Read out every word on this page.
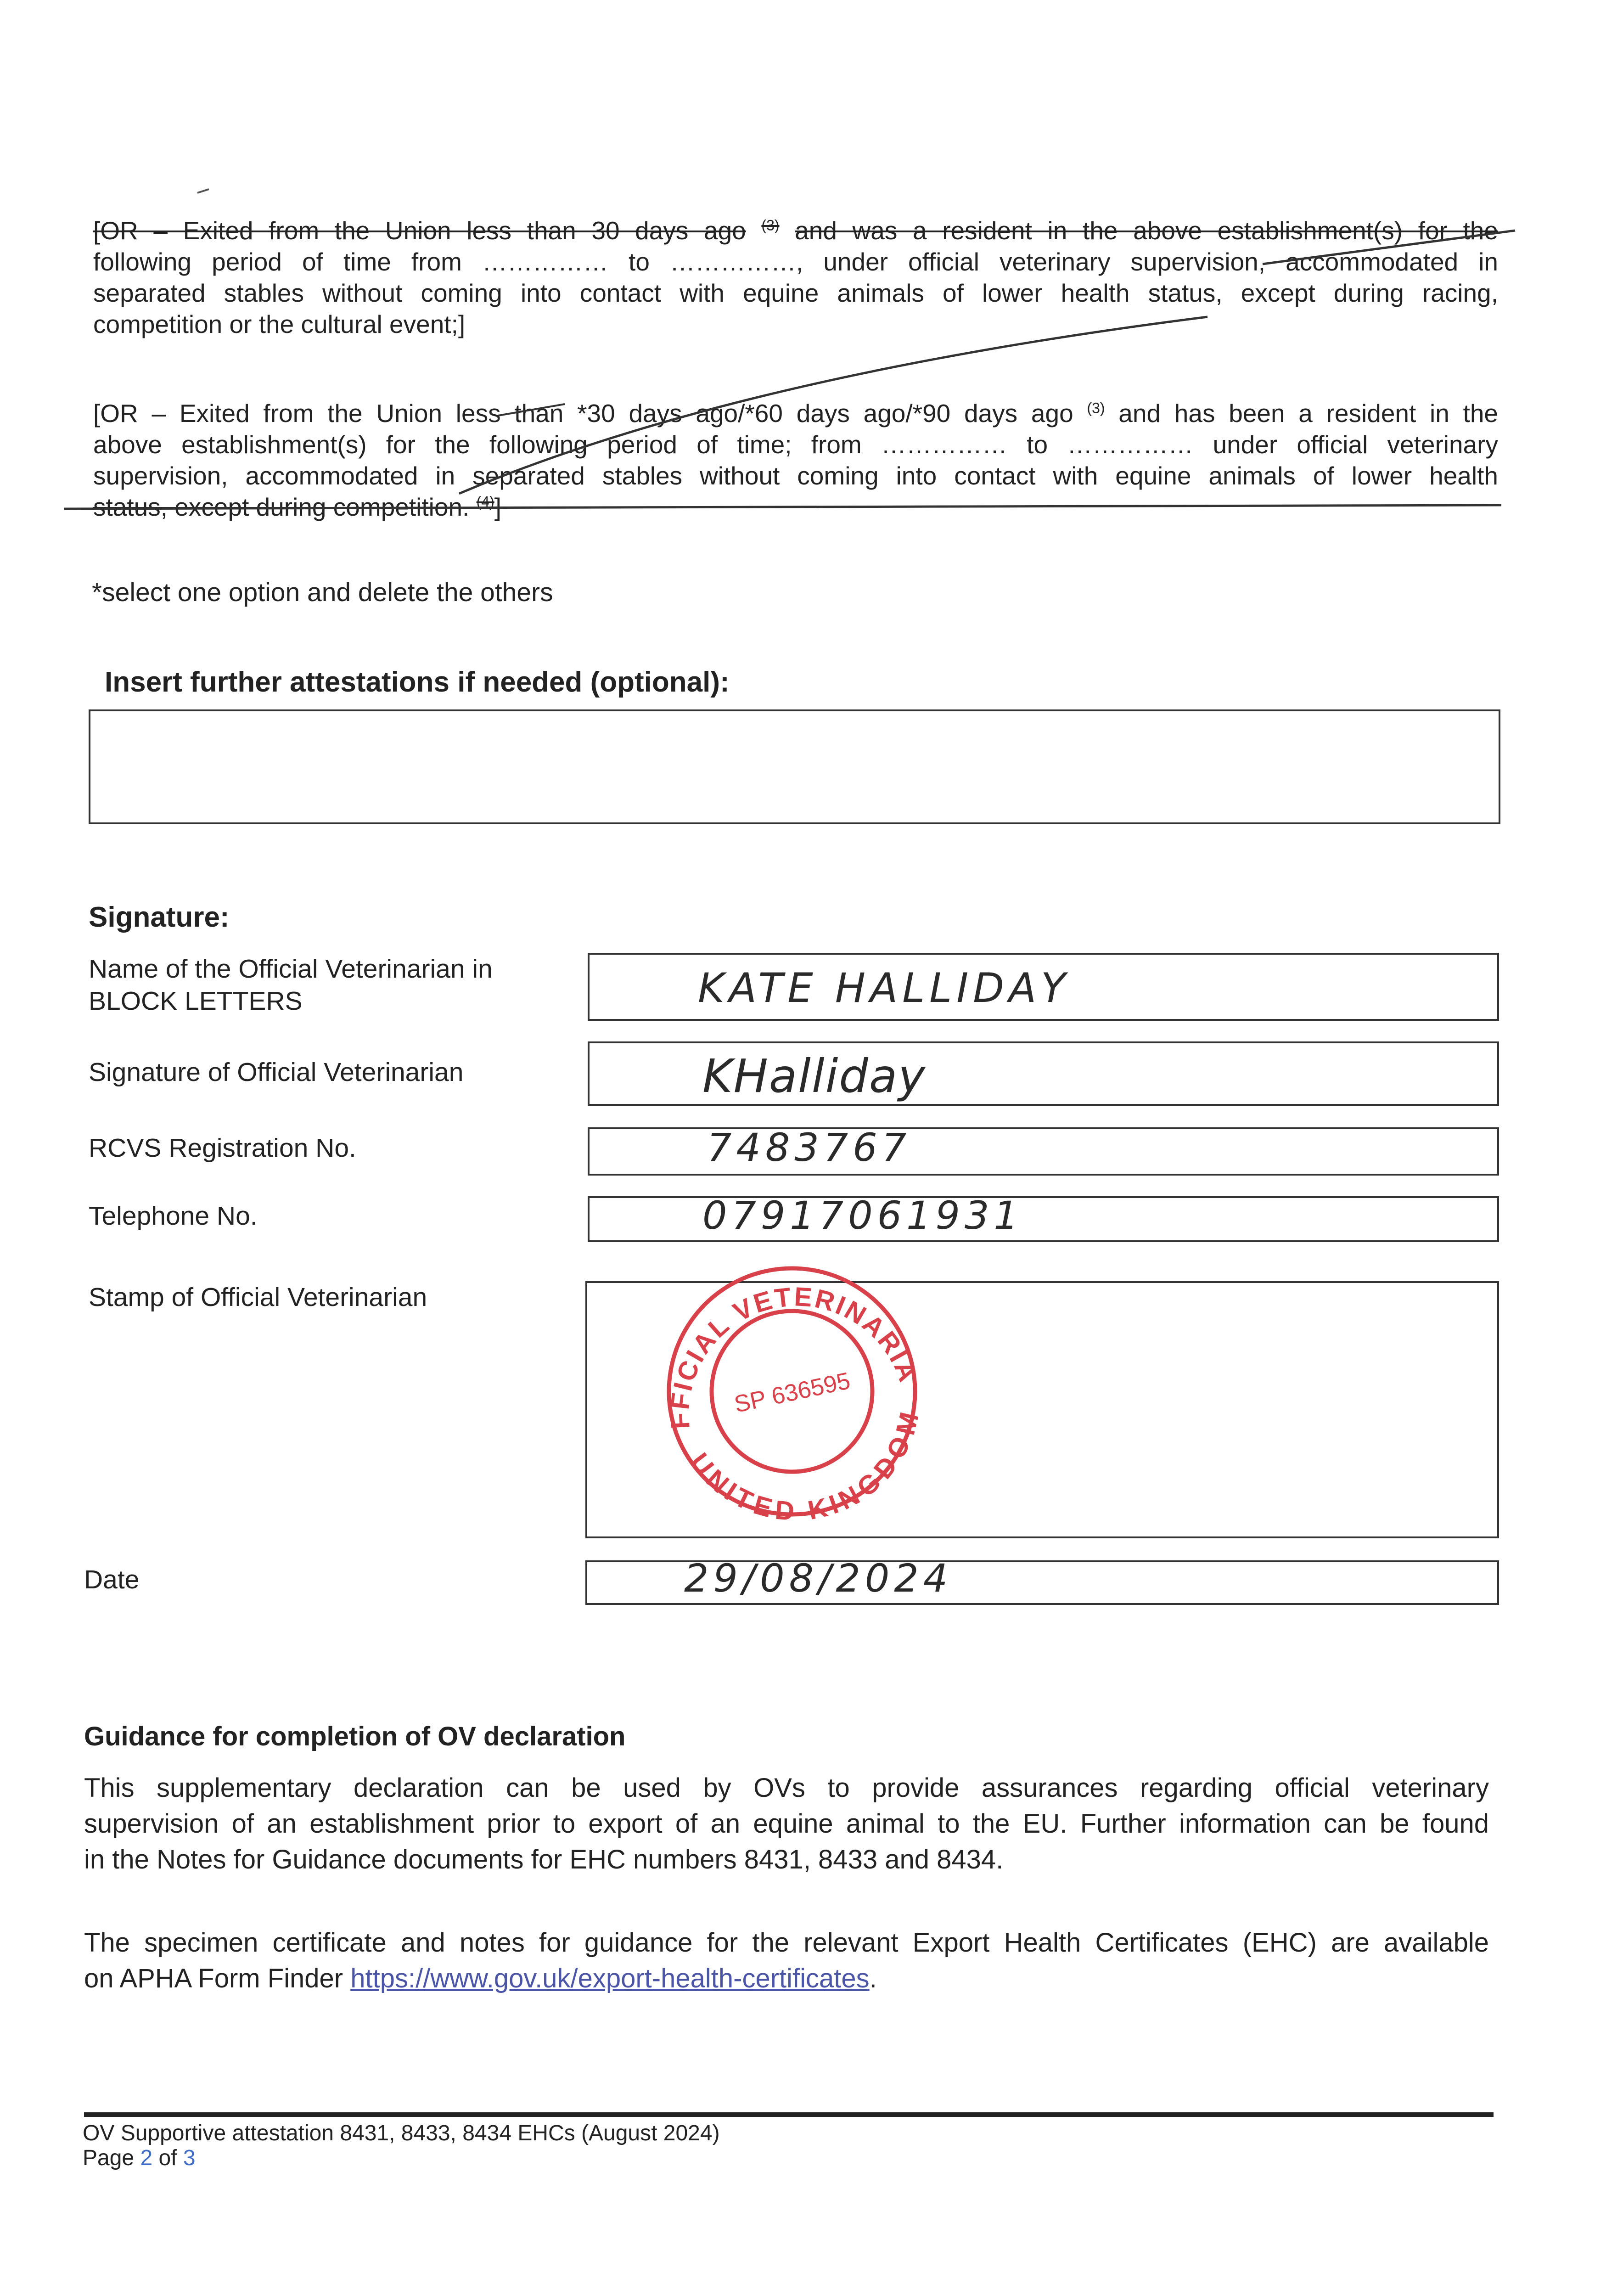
[OR – Exited from the Union less than 30 days ago $^{(3)}$ and was a resident in the above establishment(s) for the
following period of time from …………… to ……………, under official veterinary supervision, accommodated in
separated stables without coming into contact with equine animals of lower health status, except during racing,
competition or the cultural event;]
[OR – Exited from the Union less than *30 days ago/*60 days ago/*90 days ago $^{(3)}$ and has been a resident in the
above establishment(s) for the following period of time; from …………… to …………… under official veterinary
supervision, accommodated in separated stables without coming into contact with equine animals of lower health
status, except during competition. $^{(4)}$]
*select one option and delete the others
Insert further attestations if needed (optional):
Signature:
Name of the Official Veterinarian in
BLOCK LETTERS	KATE HALLIDAY
Signature of Official Veterinarian	KHalliday
RCVS Registration No.	7483767
Telephone No.	07917061931
Stamp of Official Veterinarian
OFFICIAL VETERINARIAN
UNITED KINGDOM
SP 636595
Date	29/08/2024
Guidance for completion of OV declaration
This supplementary declaration can be used by OVs to provide assurances regarding official veterinary
supervision of an establishment prior to export of an equine animal to the EU. Further information can be found
in the Notes for Guidance documents for EHC numbers 8431, 8433 and 8434.
The specimen certificate and notes for guidance for the relevant Export Health Certificates (EHC) are available
on APHA Form Finder https://www.gov.uk/export-health-certificates.
OV Supportive attestation 8431, 8433, 8434 EHCs (August 2024)
Page 2 of 3
